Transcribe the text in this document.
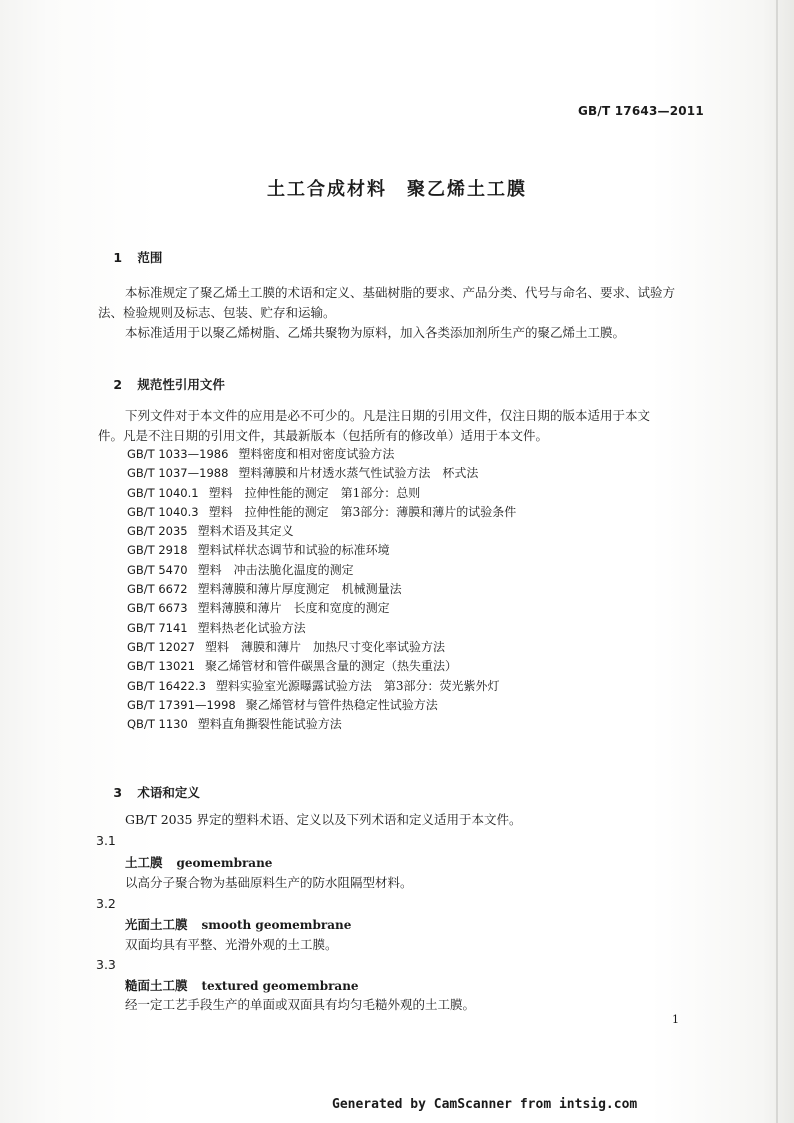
GB/T 17643—2011
土工合成材料　聚乙烯土工膜

1 范围

本标准规定了聚乙烯土工膜的术语和定义、基础树脂的要求、产品分类、代号与命名、要求、试验方
法、检验规则及标志、包装、贮存和运输。
本标准适用于以聚乙烯树脂、乙烯共聚物为原料，加入各类添加剂所生产的聚乙烯土工膜。

2 规范性引用文件

下列文件对于本文件的应用是必不可少的。凡是注日期的引用文件，仅注日期的版本适用于本文
件。凡是不注日期的引用文件，其最新版本（包括所有的修改单）适用于本文件。
GB/T 1033—1986 塑料密度和相对密度试验方法
GB/T 1037—1988 塑料薄膜和片材透水蒸气性试验方法　杯式法
GB/T 1040.1 塑料　拉伸性能的测定　第1部分：总则
GB/T 1040.3 塑料　拉伸性能的测定　第3部分：薄膜和薄片的试验条件
GB/T 2035 塑料术语及其定义
GB/T 2918 塑料试样状态调节和试验的标准环境
GB/T 5470 塑料　冲击法脆化温度的测定
GB/T 6672 塑料薄膜和薄片厚度测定　机械测量法
GB/T 6673 塑料薄膜和薄片　长度和宽度的测定
GB/T 7141 塑料热老化试验方法
GB/T 12027 塑料　薄膜和薄片　加热尺寸变化率试验方法
GB/T 13021 聚乙烯管材和管件碳黑含量的测定（热失重法）
GB/T 16422.3 塑料实验室光源曝露试验方法　第3部分：荧光紫外灯
GB/T 17391—1998 聚乙烯管材与管件热稳定性试验方法
QB/T 1130 塑料直角撕裂性能试验方法

3 术语和定义

GB/T 2035 界定的塑料术语、定义以及下列术语和定义适用于本文件。
3.1
土工膜 geomembrane
以高分子聚合物为基础原料生产的防水阻隔型材料。
3.2
光面土工膜 smooth geomembrane
双面均具有平整、光滑外观的土工膜。
3.3
糙面土工膜 textured geomembrane
经一定工艺手段生产的单面或双面具有均匀毛糙外观的土工膜。
1
Generated by CamScanner from intsig.com
